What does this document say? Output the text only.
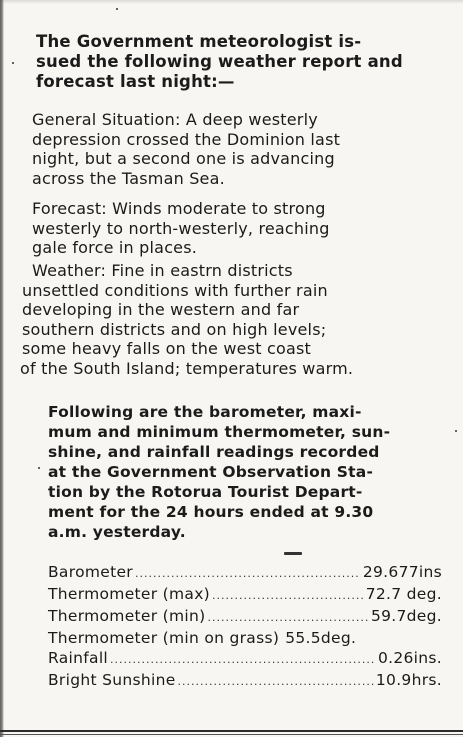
The Government meteorologist is-
sued the following weather report and
forecast last night:—
General Situation: A deep westerly
depression crossed the Dominion last
night, but a second one is advancing
across the Tasman Sea.
Forecast: Winds moderate to strong
westerly to north-westerly, reaching
gale force in places.
Weather: Fine in eastrn districts
unsettled conditions with further rain
developing in the western and far
southern districts and on high levels;
some heavy falls on the west coast
of the South Island; temperatures warm.
Following are the barometer, maxi-
mum and minimum thermometer, sun-
shine, and rainfall readings recorded
at the Government Observation Sta-
tion by the Rotorua Tourist Depart-
ment for the 24 hours ended at 9.30
a.m. yesterday.
Barometer .....	29.677ins
Thermometer (max) .....	72.7 deg.
Thermometer (min) .....	59.7deg.
Thermometer (min on grass) 55.5deg.
Rainfall .....	0.26ins.
Bright Sunshine .....	10.9hrs.
